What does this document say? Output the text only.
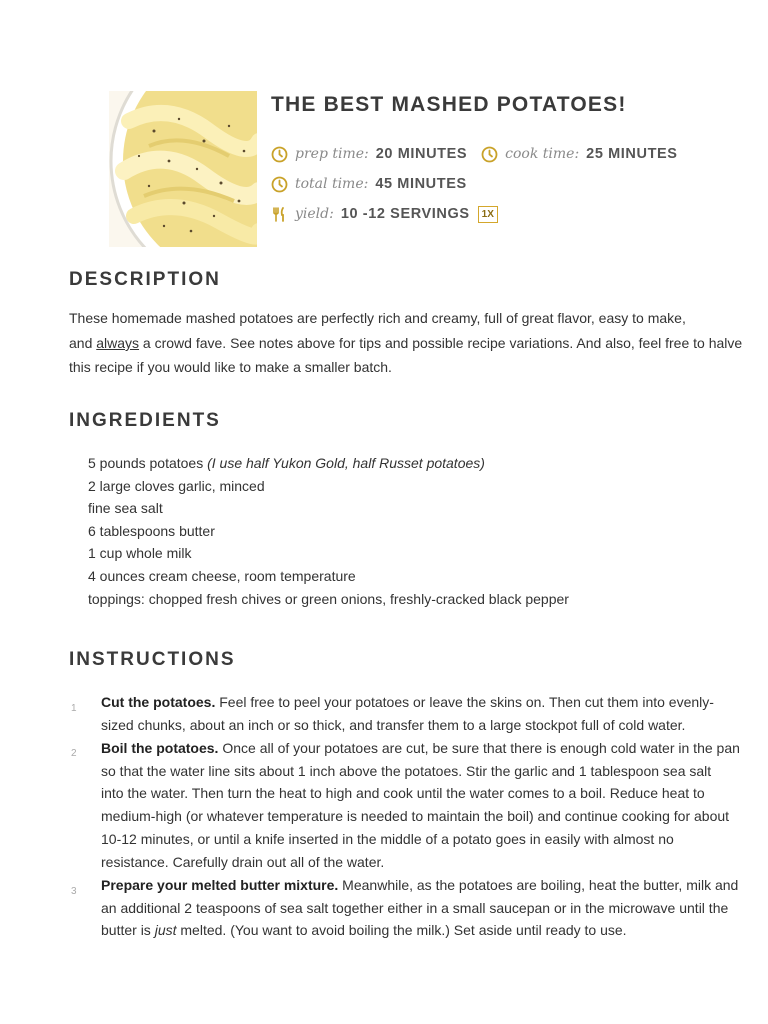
THE BEST MASHED POTATOES!
prep time: 20 MINUTES	cook time: 25 MINUTES
total time: 45 MINUTES
yield: 10 -12 SERVINGS	1X
DESCRIPTION
These homemade mashed potatoes are perfectly rich and creamy, full of great flavor, easy to make,
and always a crowd fave. See notes above for tips and possible recipe variations. And also, feel free to halve
this recipe if you would like to make a smaller batch.
INGREDIENTS
5 pounds potatoes (I use half Yukon Gold, half Russet potatoes)
2 large cloves garlic, minced
fine sea salt
6 tablespoons butter
1 cup whole milk
4 ounces cream cheese, room temperature
toppings: chopped fresh chives or green onions, freshly-cracked black pepper
INSTRUCTIONS
1 Cut the potatoes. Feel free to peel your potatoes or leave the skins on. Then cut them into evenly-
sized chunks, about an inch or so thick, and transfer them to a large stockpot full of cold water.
2 Boil the potatoes. Once all of your potatoes are cut, be sure that there is enough cold water in the pan
so that the water line sits about 1 inch above the potatoes. Stir the garlic and 1 tablespoon sea salt
into the water. Then turn the heat to high and cook until the water comes to a boil. Reduce heat to
medium-high (or whatever temperature is needed to maintain the boil) and continue cooking for about
10-12 minutes, or until a knife inserted in the middle of a potato goes in easily with almost no
resistance. Carefully drain out all of the water.
3 Prepare your melted butter mixture. Meanwhile, as the potatoes are boiling, heat the butter, milk and
an additional 2 teaspoons of sea salt together either in a small saucepan or in the microwave until the
butter is just melted. (You want to avoid boiling the milk.) Set aside until ready to use.
